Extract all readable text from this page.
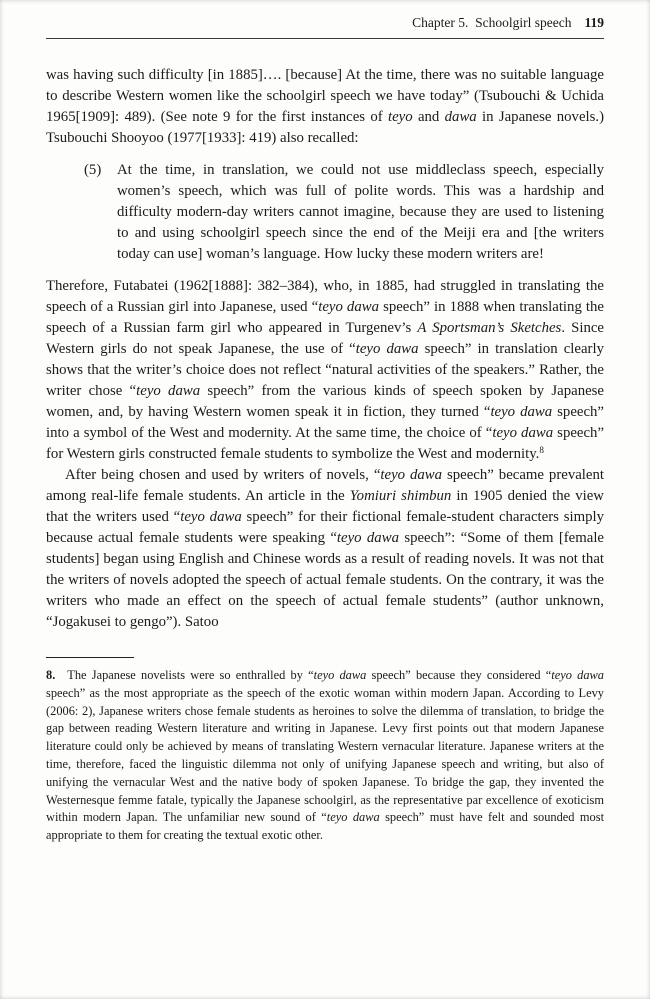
Chapter 5.  Schoolgirl speech 119

was having such difficulty [in 1885]…. [because] At the time, there was no suitable language to describe Western women like the schoolgirl speech we have today” (Tsubouchi & Uchida 1965[1909]: 489). (See note 9 for the first instances of teyo and dawa in Japanese novels.) Tsubouchi Shooyoo (1977[1933]: 419) also recalled:

(5)	At the time, in translation, we could not use middleclass speech, especially women’s speech, which was full of polite words. This was a hardship and difficulty modern-day writers cannot imagine, because they are used to listening to and using schoolgirl speech since the end of the Meiji era and [the writers today can use] woman’s language. How lucky these modern writers are!

Therefore, Futabatei (1962[1888]: 382–384), who, in 1885, had struggled in translating the speech of a Russian girl into Japanese, used “teyo dawa speech” in 1888 when translating the speech of a Russian farm girl who appeared in Turgenev’s A Sportsman’s Sketches. Since Western girls do not speak Japanese, the use of “teyo dawa speech” in translation clearly shows that the writer’s choice does not reflect “natural activities of the speakers.” Rather, the writer chose “teyo dawa speech” from the various kinds of speech spoken by Japanese women, and, by having Western women speak it in fiction, they turned “teyo dawa speech” into a symbol of the West and modernity. At the same time, the choice of “teyo dawa speech” for Western girls constructed female students to symbolize the West and modernity.$^8$

After being chosen and used by writers of novels, “teyo dawa speech” became prevalent among real-life female students. An article in the Yomiuri shimbun in 1905 denied the view that the writers used “teyo dawa speech” for their fictional female-student characters simply because actual female students were speaking “teyo dawa speech”: “Some of them [female students] began using English and Chinese words as a result of reading novels. It was not that the writers of novels adopted the speech of actual female students. On the contrary, it was the writers who made an effect on the speech of actual female students” (author unknown, “Jogakusei to gengo”). Satoo

8. The Japanese novelists were so enthralled by “teyo dawa speech” because they considered “teyo dawa speech” as the most appropriate as the speech of the exotic woman within modern Japan. According to Levy (2006: 2), Japanese writers chose female students as heroines to solve the dilemma of translation, to bridge the gap between reading Western literature and writing in Japanese. Levy first points out that modern Japanese literature could only be achieved by means of translating Western vernacular literature. Japanese writers at the time, therefore, faced the linguistic dilemma not only of unifying Japanese speech and writing, but also of unifying the vernacular West and the native body of spoken Japanese. To bridge the gap, they invented the Westernesque femme fatale, typically the Japanese schoolgirl, as the representative par excellence of exoticism within modern Japan. The unfamiliar new sound of “teyo dawa speech” must have felt and sounded most appropriate to them for creating the textual exotic other.
